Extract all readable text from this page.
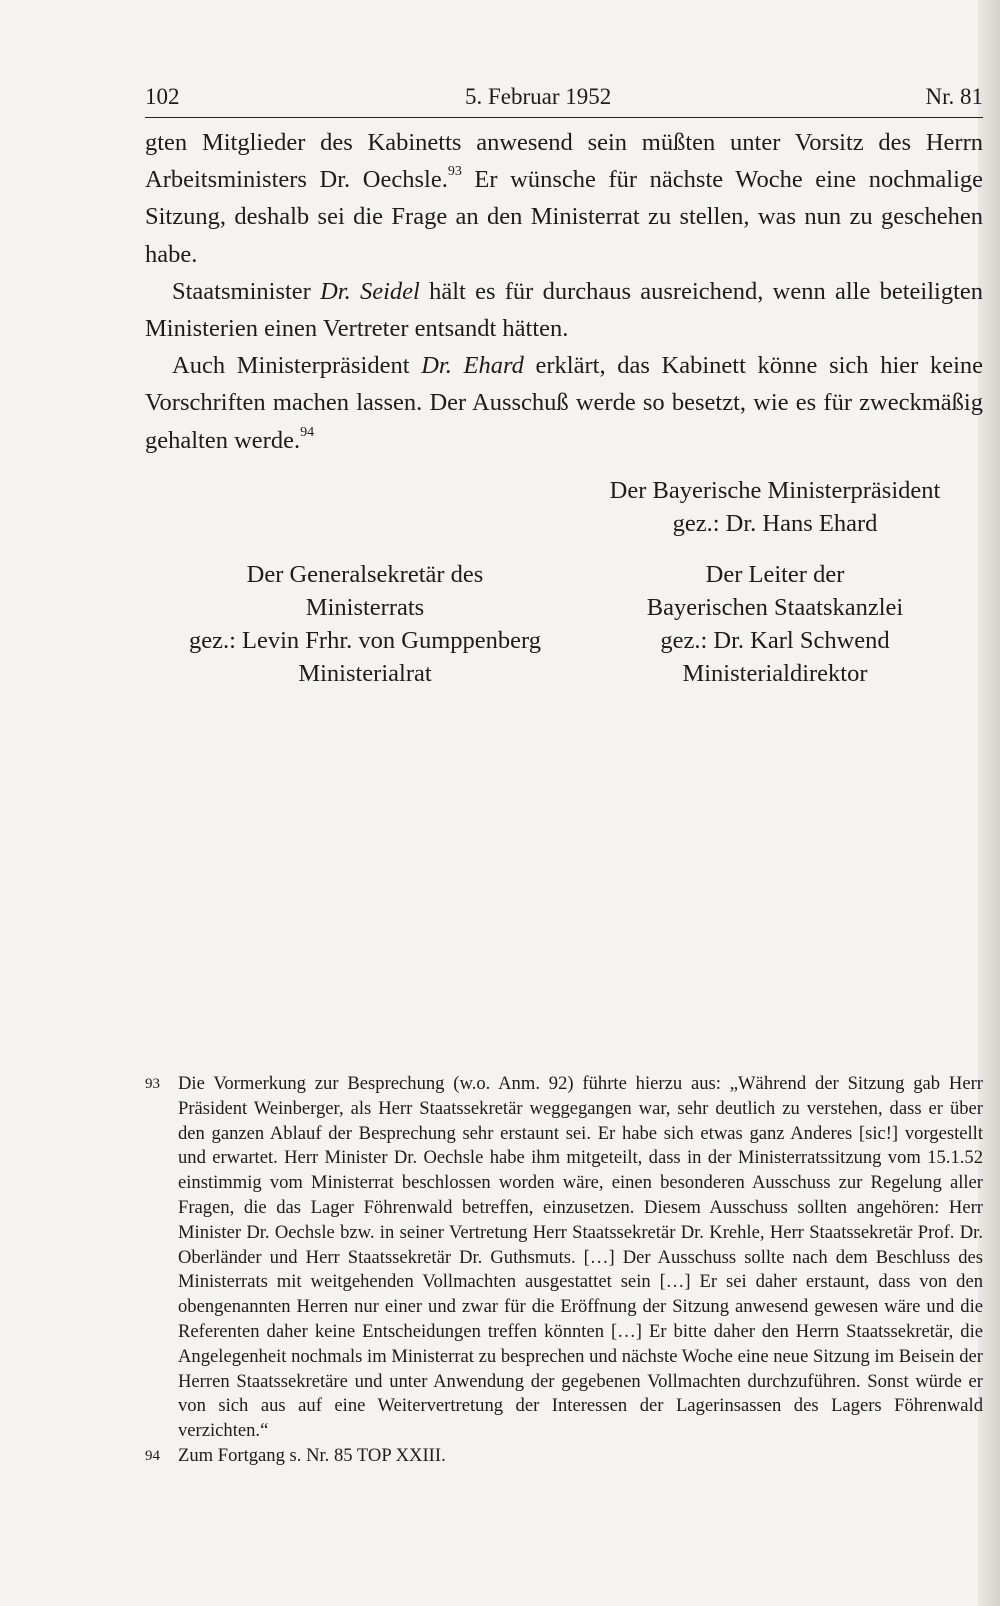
102	5. Februar 1952	Nr. 81

gten Mitglieder des Kabinetts anwesend sein müßten unter Vorsitz des Herrn Arbeitsministers Dr. Oechsle.$^{93}$ Er wünsche für nächste Woche eine nochmalige Sitzung, deshalb sei die Frage an den Ministerrat zu stellen, was nun zu geschehen habe.

Staatsminister Dr. Seidel hält es für durchaus ausreichend, wenn alle beteiligten Ministerien einen Vertreter entsandt hätten.

Auch Ministerpräsident Dr. Ehard erklärt, das Kabinett könne sich hier keine Vorschriften machen lassen. Der Ausschuß werde so besetzt, wie es für zweckmäßig gehalten werde.$^{94}$

Der Bayerische Ministerpräsident
gez.: Dr. Hans Ehard
Der Generalsekretär des
Ministerrats
gez.: Levin Frhr. von Gumppenberg
Ministerialrat
Der Leiter der
Bayerischen Staatskanzlei
gez.: Dr. Karl Schwend
Ministerialdirektor
93 Die Vormerkung zur Besprechung (w.o. Anm. 92) führte hierzu aus: „Während der Sitzung gab Herr Präsident Weinberger, als Herr Staatssekretär weggegangen war, sehr deutlich zu verstehen, dass er über den ganzen Ablauf der Besprechung sehr erstaunt sei. Er habe sich etwas ganz Anderes [sic!] vorgestellt und erwartet. Herr Minister Dr. Oechsle habe ihm mitgeteilt, dass in der Ministerratssitzung vom 15.1.52 einstimmig vom Ministerrat beschlossen worden wäre, einen besonderen Ausschuss zur Regelung aller Fragen, die das Lager Föhrenwald betreffen, einzusetzen. Diesem Ausschuss sollten angehören: Herr Minister Dr. Oechsle bzw. in seiner Vertretung Herr Staatssekretär Dr. Krehle, Herr Staatssekretär Prof. Dr. Oberländer und Herr Staatssekretär Dr. Guthsmuts. […] Der Ausschuss sollte nach dem Beschluss des Ministerrats mit weitgehenden Vollmachten ausgestattet sein […] Er sei daher erstaunt, dass von den obengenannten Herren nur einer und zwar für die Eröffnung der Sitzung anwesend gewesen wäre und die Referenten daher keine Entscheidungen treffen könnten […] Er bitte daher den Herrn Staatssekretär, die Angelegenheit nochmals im Ministerrat zu besprechen und nächste Woche eine neue Sitzung im Beisein der Herren Staatssekretäre und unter Anwendung der gegebenen Vollmachten durchzuführen. Sonst würde er von sich aus auf eine Weitervertretung der Interessen der Lagerinsassen des Lagers Föhrenwald verzichten.“
94 Zum Fortgang s. Nr. 85 TOP XXIII.
